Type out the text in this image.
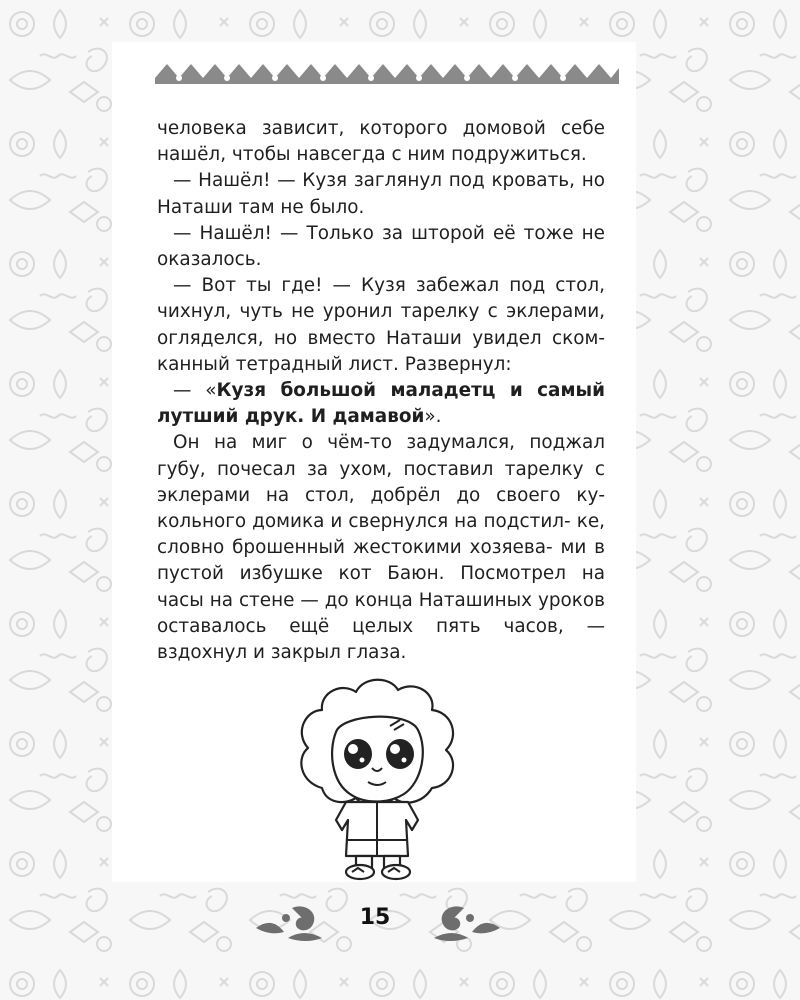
человека зависит, которого домовой себе нашёл, чтобы навсегда с ним подружиться.

— Нашёл! — Кузя заглянул под кровать, но Наташи там не было.

— Нашёл! — Только за шторой её тоже не оказалось.

— Вот ты где! — Кузя забежал под стол, чихнул, чуть не уронил тарелку с эклерами, огляделся, но вместо Наташи увидел ском- канный тетрадный лист. Развернул:

— «Кузя большой маладетц и самый лутший друк. И дамавой».

Он на миг о чём-то задумался, поджал губу, почесал за ухом, поставил тарелку с эклерами на стол, добрёл до своего ку- кольного домика и свернулся на подстил- ке, словно брошенный жестокими хозяева- ми в пустой избушке кот Баюн. Посмотрел на часы на стене — до конца Наташиных уроков оставалось ещё целых пять часов, — вздохнул и закрыл глаза.

15
